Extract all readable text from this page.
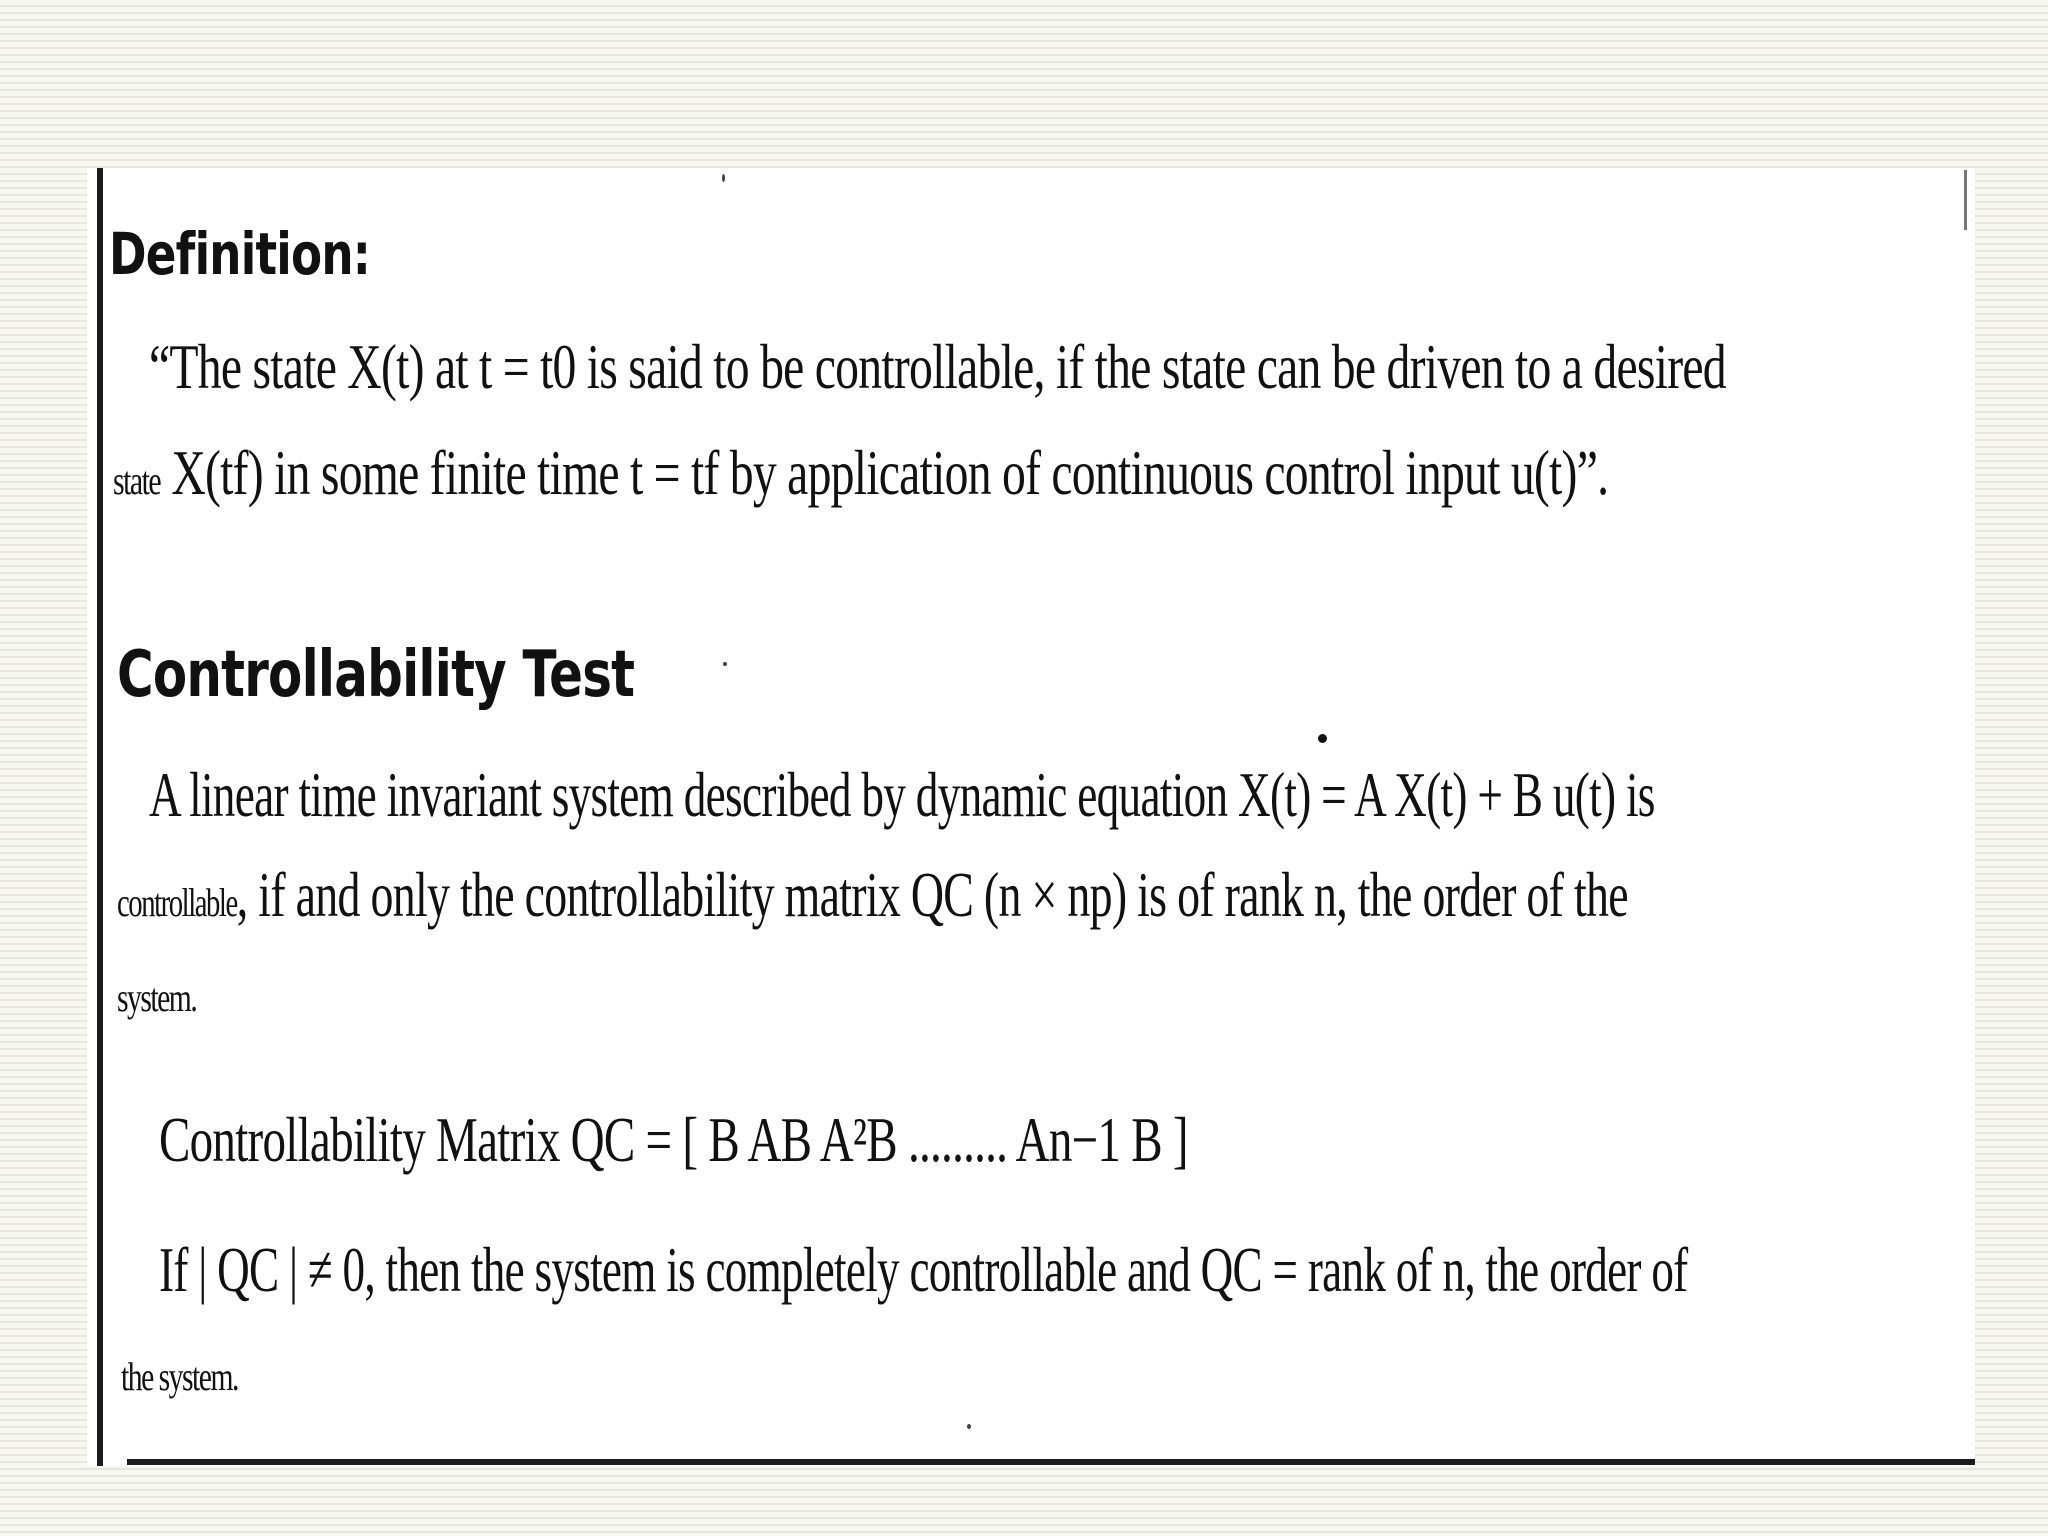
Definition:
“The state X(t) at t = t0 is said to be controllable, if the state can be driven to a desired
state X(tf) in some finite time t = tf by application of continuous control input u(t)”.
Controllability Test
A linear time invariant system described by dynamic equation X(t) = A X(t) + B u(t) is
controllable, if and only the controllability matrix QC (n × np) is of rank n, the order of the
system.
Controllability Matrix QC = [ B AB A²B ......... An−1 B ]
If | QC | ≠ 0, then the system is completely controllable and QC = rank of n, the order of
the system.
